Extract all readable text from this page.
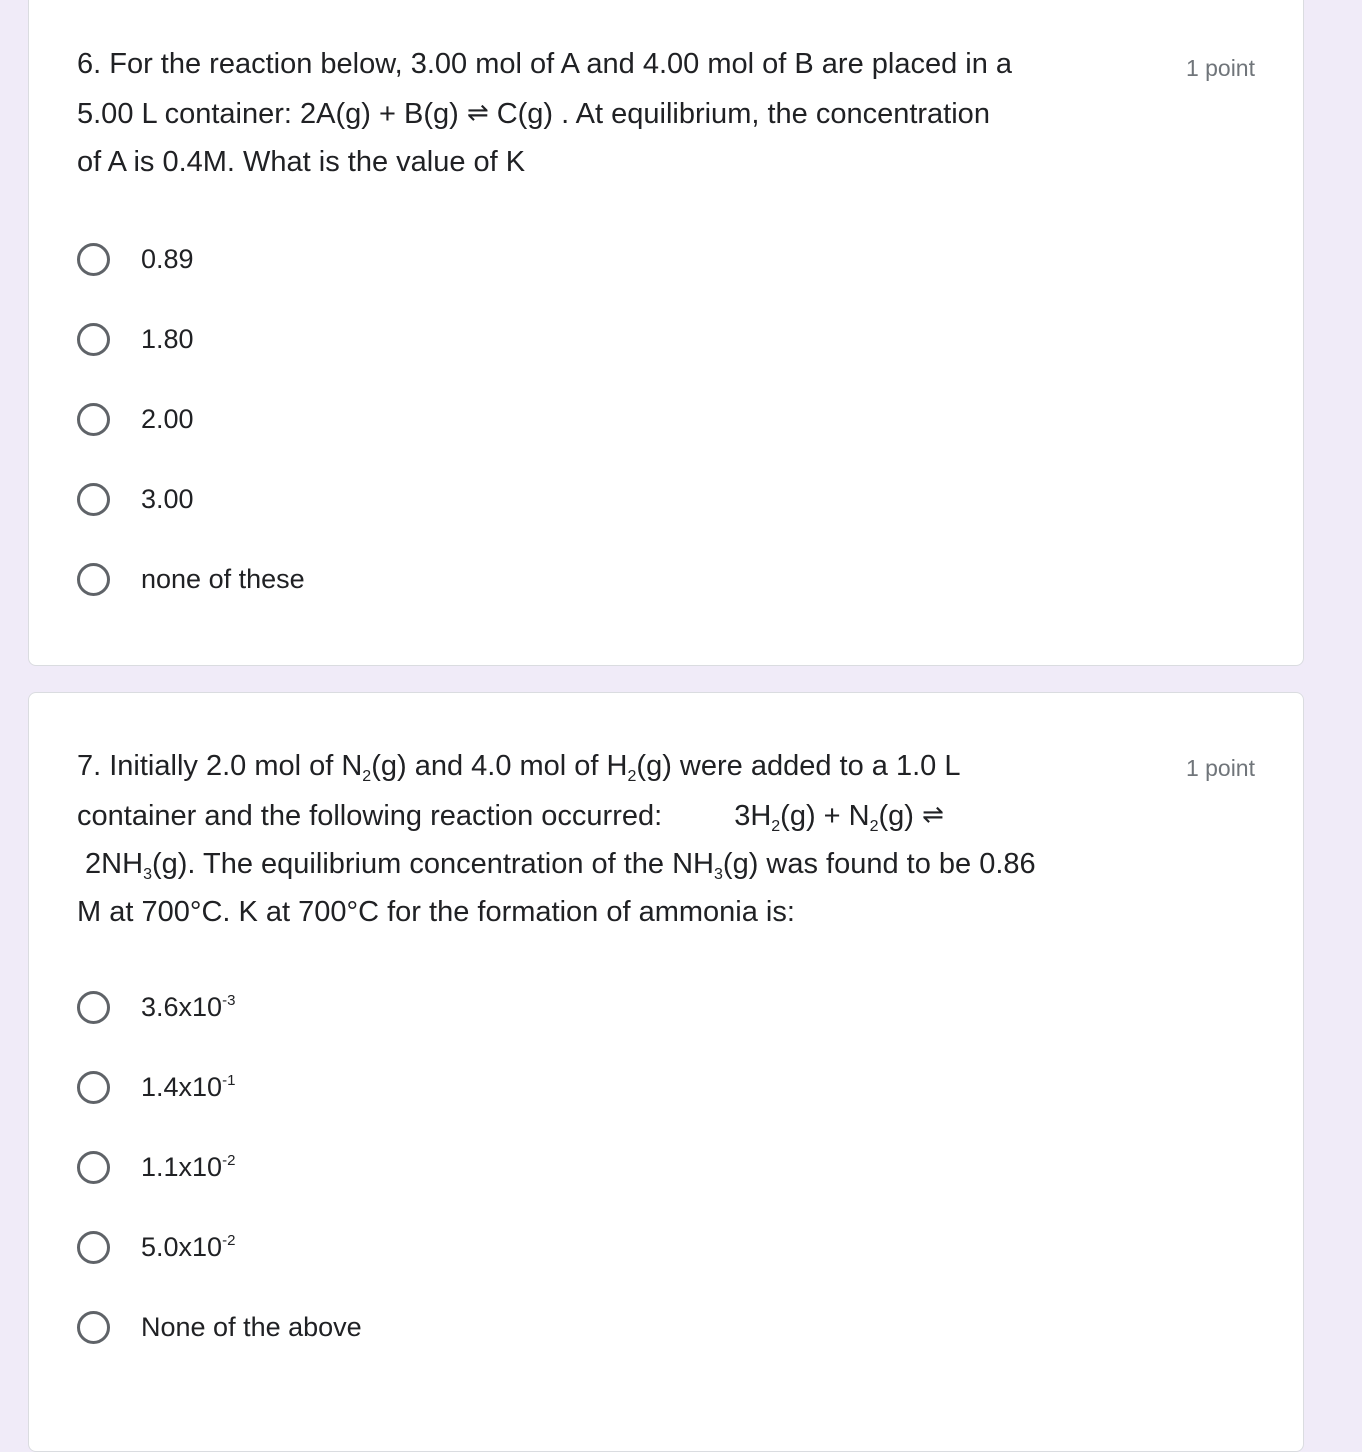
6. For the reaction below, 3.00 mol of A and 4.00 mol of B are placed in a
5.00 L container: 2A(g) + B(g) ⇌ C(g) . At equilibrium, the concentration
of A is 0.4M. What is the value of K
1 point
0.89
1.80
2.00
3.00
none of these
7. Initially 2.0 mol of $N_2(g)$ and 4.0 mol of $H_2(g)$ were added to a 1.0 L
container and the following reaction occurred: $3H_2(g) + N_2(g)$ ⇌
$2NH_3(g)$. The equilibrium concentration of the $NH_3(g)$ was found to be 0.86
M at 700°C. K at 700°C for the formation of ammonia is:
1 point
$3.6x10^{-3}$
$1.4x10^{-1}$
$1.1x10^{-2}$
$5.0x10^{-2}$
None of the above
